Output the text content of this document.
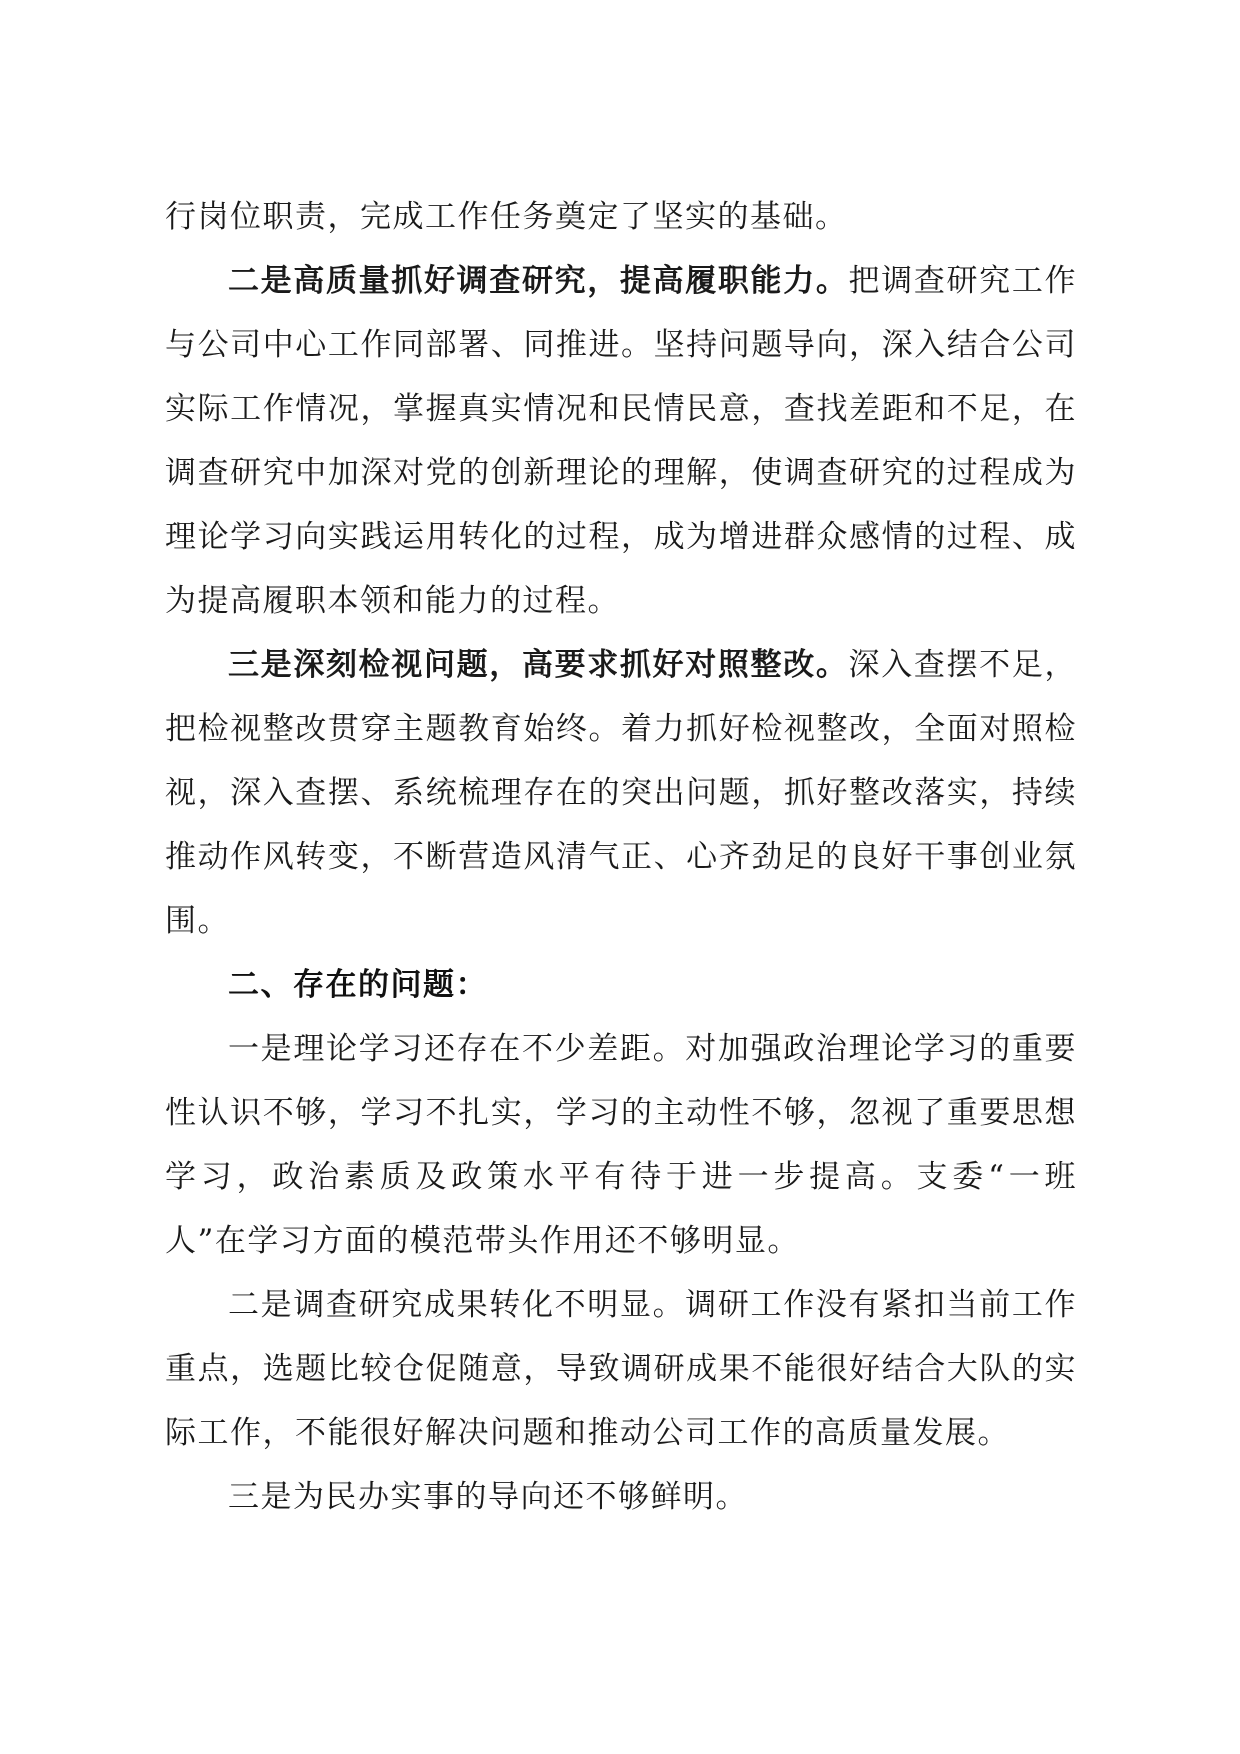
行岗位职责，完成工作任务奠定了坚实的基础。

二是高质量抓好调查研究，提高履职能力。把调查研究工作与公司中心工作同部署、同推进。坚持问题导向，深入结合公司实际工作情况，掌握真实情况和民情民意，查找差距和不足，在调查研究中加深对党的创新理论的理解，使调查研究的过程成为理论学习向实践运用转化的过程，成为增进群众感情的过程、成为提高履职本领和能力的过程。

三是深刻检视问题，高要求抓好对照整改。深入查摆不足，把检视整改贯穿主题教育始终。着力抓好检视整改，全面对照检视，深入查摆、系统梳理存在的突出问题，抓好整改落实，持续推动作风转变，不断营造风清气正、心齐劲足的良好干事创业氛围。

二、存在的问题：

一是理论学习还存在不少差距。对加强政治理论学习的重要性认识不够，学习不扎实，学习的主动性不够，忽视了重要思想学习，政治素质及政策水平有待于进一步提高。支委“一班人”在学习方面的模范带头作用还不够明显。

二是调查研究成果转化不明显。调研工作没有紧扣当前工作重点，选题比较仓促随意，导致调研成果不能很好结合大队的实际工作，不能很好解决问题和推动公司工作的高质量发展。

三是为民办实事的导向还不够鲜明。
